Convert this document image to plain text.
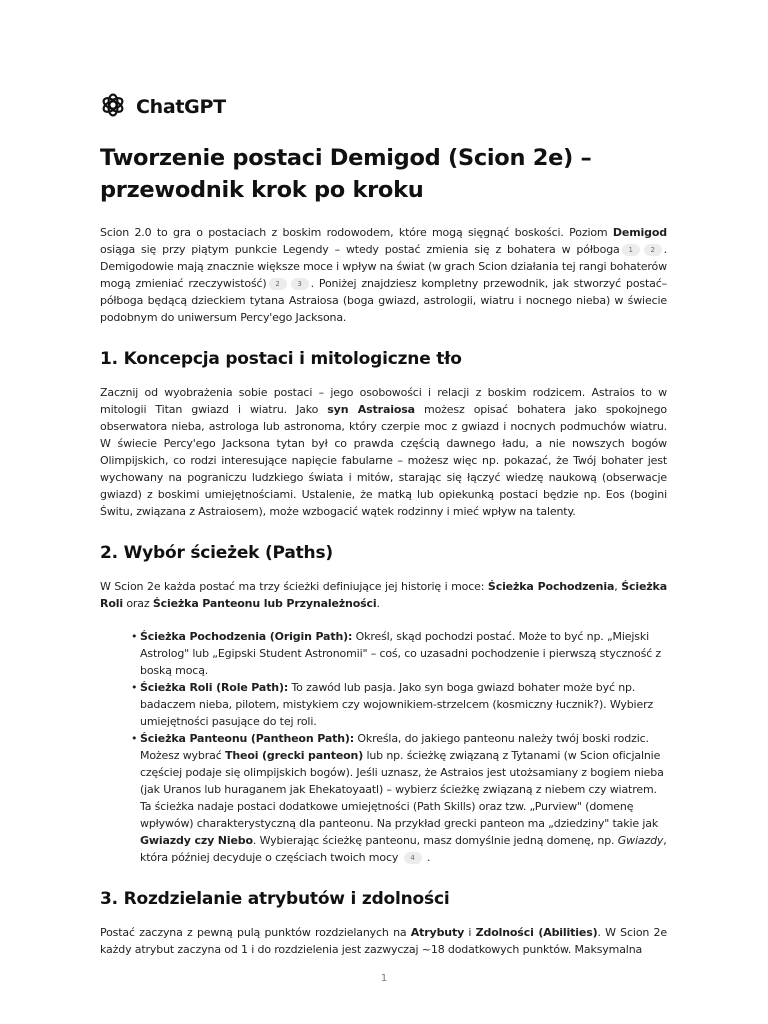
ChatGPT
Tworzenie postaci Demigod (Scion 2e) –
przewodnik krok po kroku

Scion 2.0 to gra o postaciach z boskim rodowodem, które mogą sięgnąć boskości. Poziom Demigod osiąga się przy piątym punkcie Legendy – wtedy postać zmienia się z bohatera w półboga 1	2 . Demigodowie mają znacznie większe moce i wpływ na świat (w grach Scion działania tej rangi bohaterów mogą zmieniać rzeczywistość) 2	3 . Poniżej znajdziesz kompletny przewodnik, jak stworzyć postać–półboga będącą dzieckiem tytana Astraiosa (boga gwiazd, astrologii, wiatru i nocnego nieba) w świecie podobnym do uniwersum Percy'ego Jacksona.

1. Koncepcja postaci i mitologiczne tło

Zacznij od wyobrażenia sobie postaci – jego osobowości i relacji z boskim rodzicem. Astraios to w mitologii Titan gwiazd i wiatru. Jako syn Astraiosa możesz opisać bohatera jako spokojnego obserwatora nieba, astrologa lub astronoma, który czerpie moc z gwiazd i nocnych podmuchów wiatru. W świecie Percy'ego Jacksona tytan był co prawda częścią dawnego ładu, a nie nowszych bogów Olimpijskich, co rodzi interesujące napięcie fabularne – możesz więc np. pokazać, że Twój bohater jest wychowany na pograniczu ludzkiego świata i mitów, starając się łączyć wiedzę naukową (obserwacje gwiazd) z boskimi umiejętnościami. Ustalenie, że matką lub opiekunką postaci będzie np. Eos (bogini Świtu, związana z Astraiosem), może wzbogacić wątek rodzinny i mieć wpływ na talenty.

2. Wybór ścieżek (Paths)

W Scion 2e każda postać ma trzy ścieżki definiujące jej historię i moce: Ścieżka Pochodzenia, Ścieżka Roli oraz Ścieżka Panteonu lub Przynależności.

• Ścieżka Pochodzenia (Origin Path): Określ, skąd pochodzi postać. Może to być np. „Miejski Astrolog" lub „Egipski Student Astronomii" – coś, co uzasadni pochodzenie i pierwszą styczność z boską mocą.
• Ścieżka Roli (Role Path): To zawód lub pasja. Jako syn boga gwiazd bohater może być np. badaczem nieba, pilotem, mistykiem czy wojownikiem-strzelcem (kosmiczny łucznik?). Wybierz umiejętności pasujące do tej roli.
• Ścieżka Panteonu (Pantheon Path): Określa, do jakiego panteonu należy twój boski rodzic. Możesz wybrać Theoi (grecki panteon) lub np. ścieżkę związaną z Tytanami (w Scion oficjalnie częściej podaje się olimpijskich bogów). Jeśli uznasz, że Astraios jest utożsamiany z bogiem nieba (jak Uranos lub huraganem jak Ehekatoyaatl) – wybierz ścieżkę związaną z niebem czy wiatrem. Ta ścieżka nadaje postaci dodatkowe umiejętności (Path Skills) oraz tzw. „Purview" (domenę wpływów) charakterystyczną dla panteonu. Na przykład grecki panteon ma „dziedziny" takie jak Gwiazdy czy Niebo. Wybierając ścieżkę panteonu, masz domyślnie jedną domenę, np. Gwiazdy, która później decyduje o częściach twoich mocy 4 .
3. Rozdzielanie atrybutów i zdolności

Postać zaczyna z pewną pulą punktów rozdzielanych na Atrybuty i Zdolności (Abilities). W Scion 2e każdy atrybut zaczyna od 1 i do rozdzielenia jest zazwyczaj ~18 dodatkowych punktów. Maksymalna

1
